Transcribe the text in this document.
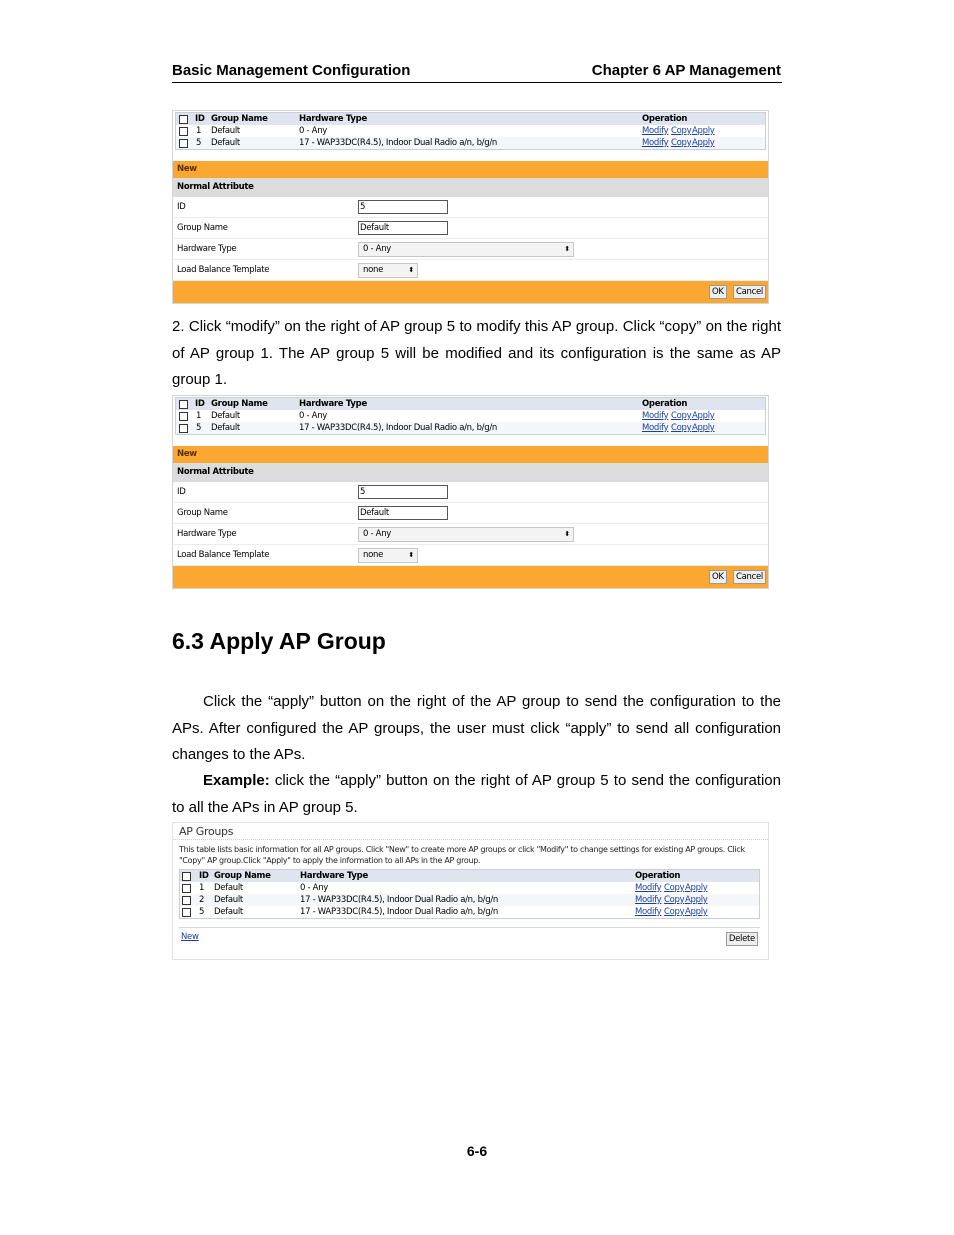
Basic Management Configuration	Chapter 6 AP Management
ID Group Name	Hardware Type	Operation
1 Default	0 - Any	Modify Copy Apply
5 Default	17 - WAP33DC(R4.5), Indoor Dual Radio a/n, b/g/n	Modify Copy Apply
New
Normal Attribute
ID	5
Group Name	Default
Hardware Type	0 - Any	⬍
Load Balance Template	none	⬍
OK	Cancel
2. Click “modify” on the right of AP group 5 to modify this AP group. Click “copy” on the right of AP group 1. The AP group 5 will be modified and its configuration is the same as AP group 1.
ID Group Name	Hardware Type	Operation
1 Default	0 - Any	Modify Copy Apply
5 Default	17 - WAP33DC(R4.5), Indoor Dual Radio a/n, b/g/n	Modify Copy Apply
New
Normal Attribute
ID	5
Group Name	Default
Hardware Type	0 - Any	⬍
Load Balance Template	none	⬍
OK	Cancel
6.3 Apply AP Group
Click the “apply” button on the right of the AP group to send the configuration to the APs. After configured the AP groups, the user must click “apply” to send all configuration changes to the APs.
Example: click the “apply” button on the right of AP group 5 to send the configuration to all the APs in AP group 5.
AP Groups
This table lists basic information for all AP groups. Click "New" to create more AP groups or click "Modify" to change settings for existing AP groups. Click "Copy" AP group.Click "Apply" to apply the information to all APs in the AP group.
ID Group Name	Hardware Type	Operation
1 Default	0 - Any	Modify Copy Apply
2 Default	17 - WAP33DC(R4.5), Indoor Dual Radio a/n, b/g/n	Modify Copy Apply
5 Default	17 - WAP33DC(R4.5), Indoor Dual Radio a/n, b/g/n	Modify Copy Apply
New	Delete
6-6
